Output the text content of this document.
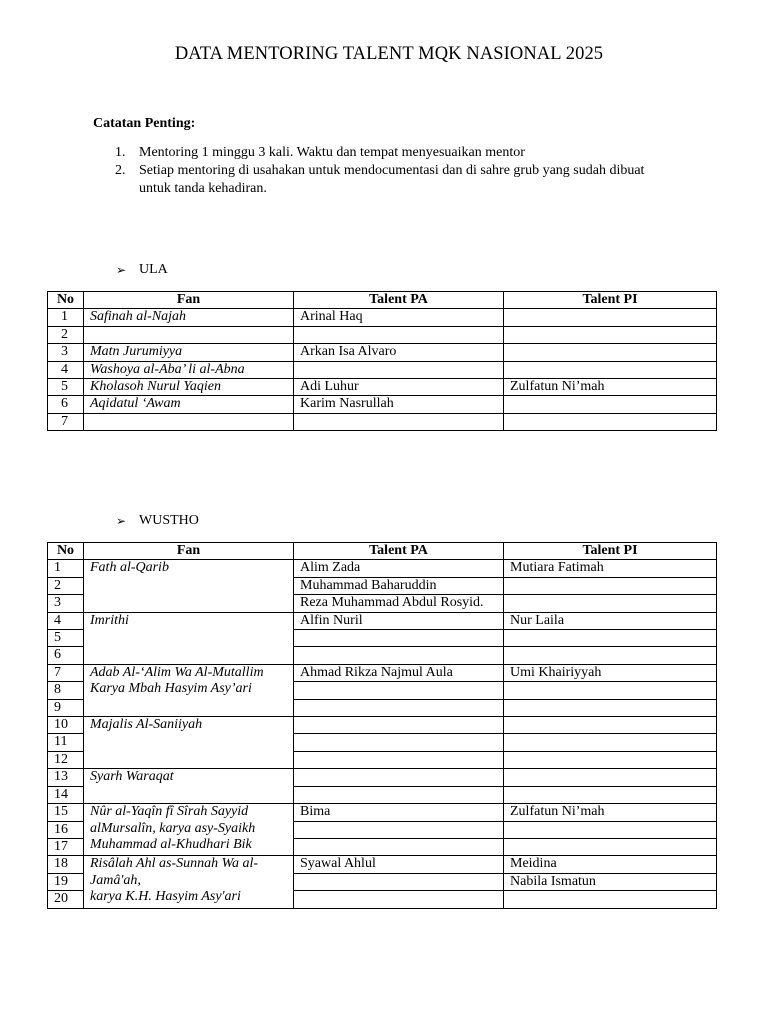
DATA MENTORING TALENT MQK NASIONAL 2025
Catatan Penting:
1. Mentoring 1 minggu 3 kali. Waktu dan tempat menyesuaikan mentor
2. Setiap mentoring di usahakan untuk mendocumentasi dan di sahre grub yang sudah dibuat untuk tanda kehadiran.
➢ ULA
No	Fan	Talent PA	Talent PI
1	Safinah al-Najah	Arinal Haq	
2			
3	Matn Jurumiyya	Arkan Isa Alvaro	
4	Washoya al-Aba’ li al-Abna		
5	Kholasoh Nurul Yaqien	Adi Luhur	Zulfatun Ni’mah
6	Aqidatul ‘Awam	Karim Nasrullah	
7			
➢ WUSTHO
No	Fan	Talent PA	Talent PI
1	Fath al-Qarib	Alim Zada	Mutiara Fatimah
2		Muhammad Baharuddin	
3		Reza Muhammad Abdul Rosyid.	
4	Imrithi	Alfin Nuril	Nur Laila
5			
6			
7	Adab Al-‘Alim Wa Al-Mutallim Karya Mbah Hasyim Asy’ari	Ahmad Rikza Najmul Aula	Umi Khairiyyah
8			
9			
10	Majalis Al-Saniiyah		
11			
12			
13	Syarh Waraqat		
14			
15	Nûr al-Yaqîn fî Sîrah Sayyid alMursalîn, karya asy-Syaikh Muhammad al-Khudhari Bik	Bima	Zulfatun Ni’mah
16			
17			
18	Risâlah Ahl as-Sunnah Wa al-Jamâ'ah,
karya K.H. Hasyim Asy'ari	Syawal Ahlul	Meidina
19			Nabila Ismatun
20			
